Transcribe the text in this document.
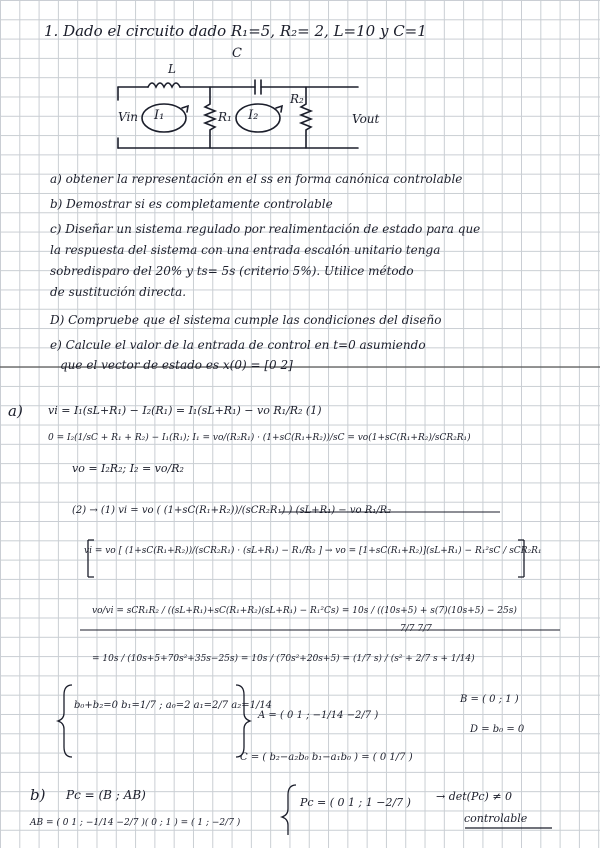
1. Dado el circuito dado R₁=5, R₂= 2, L=10 y C=1
C
L
R₁
R₂
I₁	I₂
Vin	Vout
a) obtener la representación en el ss en forma canónica controlable
b) Demostrar si es completamente controlable
c) Diseñar un sistema regulado por realimentación de estado para que
la respuesta del sistema con una entrada escalón unitario tenga
sobredisparo del 20% y ts= 5s (criterio 5%). Utilice método
de sustitución directa.
D) Compruebe que el sistema cumple las condiciones del diseño
e) Calcule el valor de la entrada de control en t=0 asumiendo
que el vector de estado es x(0) = [0 2]
a) vi = I₁(sL+R₁) − I₂(R₁) = I₁(sL+R₁) − vo R₁/R₂ (1)
0 = I₂(1/sC + R₁ + R₂) − I₁(R₁); I₁ = vo/(R₂R₁) · (1+sC(R₁+R₂))/sC = vo(1+sC(R₁+R₂)/sCR₂R₁)
vo = I₂R₂; I₂ = vo/R₂
(2) → (1) vi = vo ( (1+sC(R₁+R₂))/(sCR₂R₁) ) (sL+R₁) − vo R₁/R₂
vi = vo [ (1+sC(R₁+R₂))/(sCR₂R₁) · (sL+R₁) − R₁/R₂ ] → vo = [1+sC(R₁+R₂)](sL+R₁) − R₁²sC / sCR₂R₁
vo/vi = sCR₁R₂ / ((sL+R₁)+sC(R₁+R₂)(sL+R₁) − R₁²Cs) = 10s / ((10s+5) + s(7)(10s+5) − 25s)
7/7 7/7
= 10s / (10s+5+70s²+35s−25s) = 10s / (70s²+20s+5) = (1/7 s) / (s² + 2/7 s + 1/14)
b₀+b₂=0 b₁=1/7 ; a₀=2 a₁=2/7 a₂=1/14
A = ( 0 1 ; −1/14 −2/7 )
B = ( 0 ; 1 )
D = b₀ = 0
C = ( b₂−a₂b₀ b₁−a₁b₀ ) = ( 0 1/7 )
b) Pc = (B ; AB)
AB = ( 0 1 ; −1/14 −2/7 )( 0 ; 1 ) = ( 1 ; −2/7 )
Pc = ( 0 1 ; 1 −2/7 ) → det(Pc) ≠ 0
controlable
